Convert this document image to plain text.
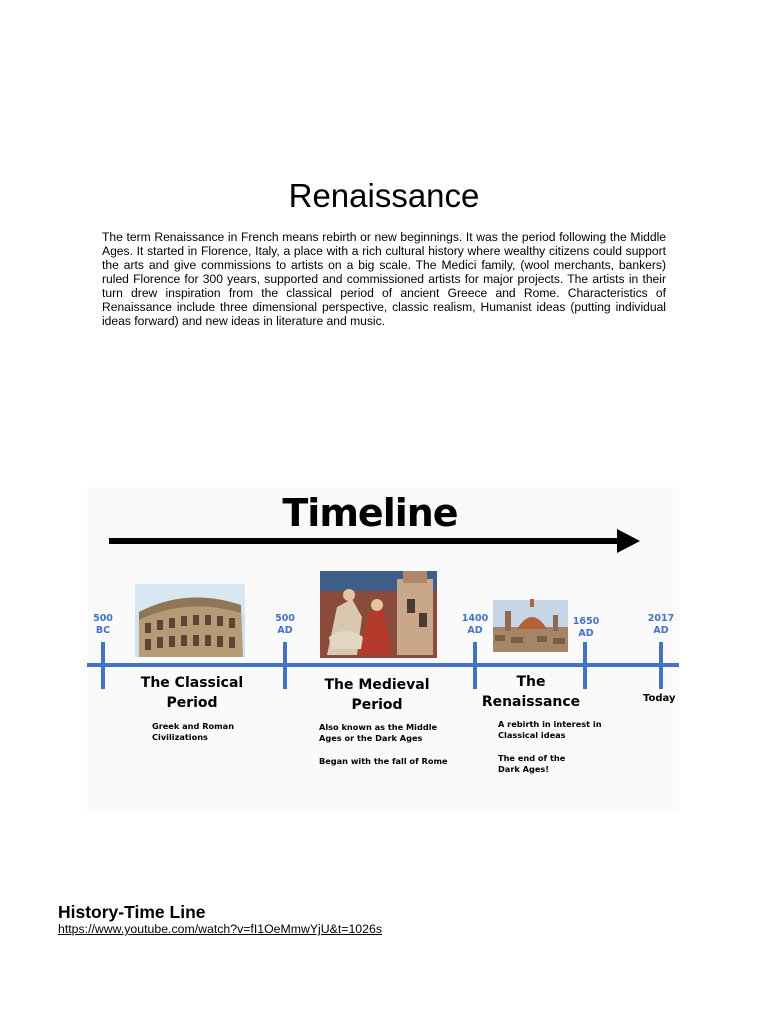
Renaissance

The term Renaissance in French means rebirth or new beginnings. It was the period following the Middle Ages. It started in Florence, Italy, a place with a rich cultural history where wealthy citizens could support the arts and give commissions to artists on a big scale. The Medici family, (wool merchants, bankers) ruled Florence for 300 years, supported and commissioned artists for major projects. The artists in their turn drew inspiration from the classical period of ancient Greece and Rome. Characteristics of Renaissance include three dimensional perspective, classic realism, Humanist ideas (putting individual ideas forward) and new ideas in literature and music.

Timeline
500
BC
500
AD
1400
AD
1650
AD
2017
AD
The Classical
Period
Greek and Roman
Civilizations
The Medieval
Period
Also known as the Middle
Ages or the Dark Ages
Began with the fall of Rome
The
Renaissance
A rebirth in interest in
Classical ideas
The end of the
Dark Ages!
Today
History-Time Line
https://www.youtube.com/watch?v=fI1OeMmwYjU&t=1026s
